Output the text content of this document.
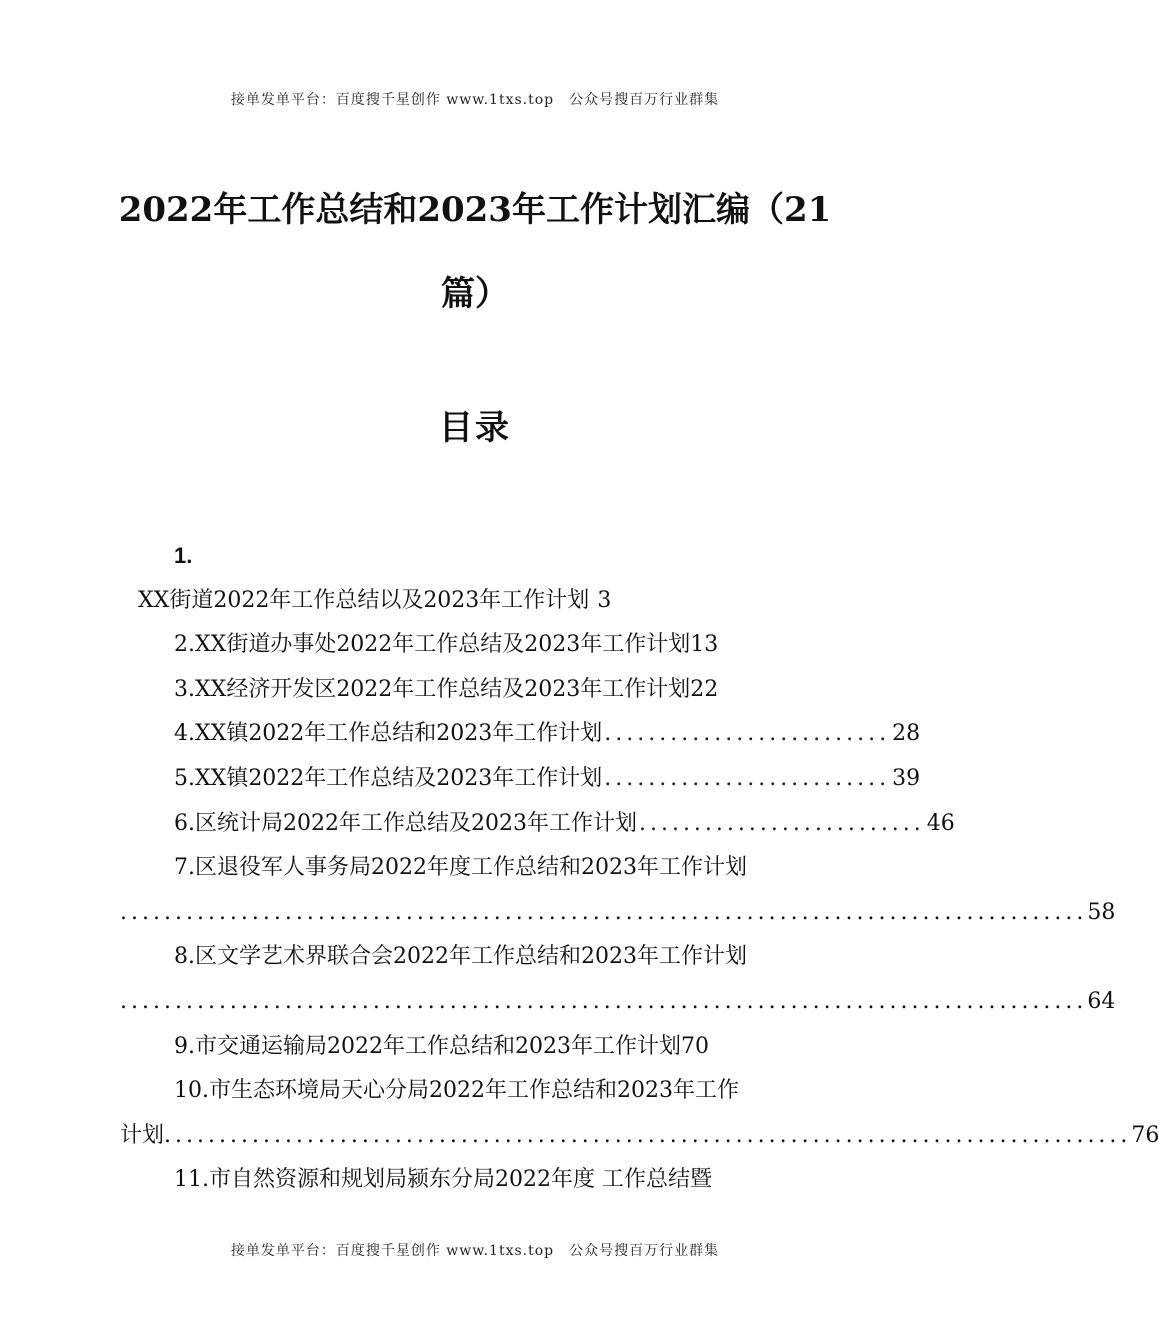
接单发单平台：百度搜千星创作 www.1txs.top　公众号搜百万行业群集
2022年工作总结和2023年工作计划汇编（21篇）
目录
1.
XX街道2022年工作总结以及2023年工作计划 3
2.XX街道办事处2022年工作总结及2023年工作计划 13
3.XX经济开发区2022年工作总结及2023年工作计划 22
4.XX镇2022年工作总结和2023年工作计划 .......................... 28
5.XX镇2022年工作总结及2023年工作计划 .......................... 39
6.区统计局2022年工作总结及2023年工作计划 .......................... 46
7.区退役军人事务局2022年度工作总结和2023年工作计划
........................................................................................ 58
8.区文学艺术界联合会2022年工作总结和2023年工作计划
........................................................................................ 64
9.市交通运输局2022年工作总结和2023年工作计划 70
10.市生态环境局天心分局2022年工作总结和2023年工作
计划 ........................................................................................ 76
11.市自然资源和规划局颍东分局2022年度 工作总结暨
接单发单平台：百度搜千星创作 www.1txs.top　公众号搜百万行业群集
